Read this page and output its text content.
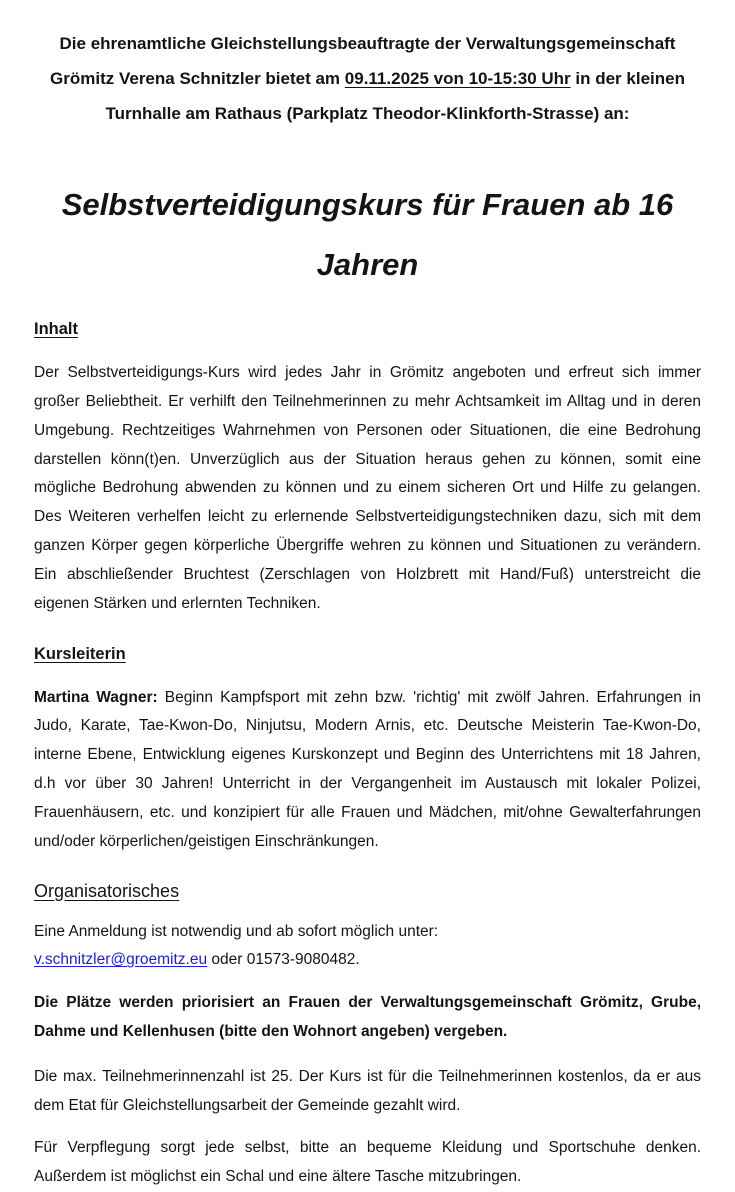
Die ehrenamtliche Gleichstellungsbeauftragte der Verwaltungsgemeinschaft Grömitz Verena Schnitzler bietet am 09.11.2025 von 10-15:30 Uhr in der kleinen Turnhalle am Rathaus (Parkplatz Theodor-Klinkforth-Strasse) an:

Selbstverteidigungskurs für Frauen ab 16 Jahren
Inhalt

Der Selbstverteidigungs-Kurs wird jedes Jahr in Grömitz angeboten und erfreut sich immer großer Beliebtheit. Er verhilft den Teilnehmerinnen zu mehr Achtsamkeit im Alltag und in deren Umgebung. Rechtzeitiges Wahrnehmen von Personen oder Situationen, die eine Bedrohung darstellen könn(t)en. Unverzüglich aus der Situation heraus gehen zu können, somit eine mögliche Bedrohung abwenden zu können und zu einem sicheren Ort und Hilfe zu gelangen. Des Weiteren verhelfen leicht zu erlernende Selbstverteidigungstechniken dazu, sich mit dem ganzen Körper gegen körperliche Übergriffe wehren zu können und Situationen zu verändern. Ein abschließender Bruchtest (Zerschlagen von Holzbrett mit Hand/Fuß) unterstreicht die eigenen Stärken und erlernten Techniken.

Kursleiterin

Martina Wagner: Beginn Kampfsport mit zehn bzw. 'richtig' mit zwölf Jahren. Erfahrungen in Judo, Karate, Tae-Kwon-Do, Ninjutsu, Modern Arnis, etc. Deutsche Meisterin Tae-Kwon-Do, interne Ebene, Entwicklung eigenes Kurskonzept und Beginn des Unterrichtens mit 18 Jahren, d.h vor über 30 Jahren! Unterricht in der Vergangenheit im Austausch mit lokaler Polizei, Frauenhäusern, etc. und konzipiert für alle Frauen und Mädchen, mit/ohne Gewalterfahrungen und/oder körperlichen/geistigen Einschränkungen.

Organisatorisches

Eine Anmeldung ist notwendig und ab sofort möglich unter:
v.schnitzler@groemitz.eu oder 01573-9080482.

Die Plätze werden priorisiert an Frauen der Verwaltungsgemeinschaft Grömitz, Grube, Dahme und Kellenhusen (bitte den Wohnort angeben) vergeben.

Die max. Teilnehmerinnenzahl ist 25. Der Kurs ist für die Teilnehmerinnen kostenlos, da er aus dem Etat für Gleichstellungsarbeit der Gemeinde gezahlt wird.

Für Verpflegung sorgt jede selbst, bitte an bequeme Kleidung und Sportschuhe denken. Außerdem ist möglichst ein Schal und eine ältere Tasche mitzubringen.
